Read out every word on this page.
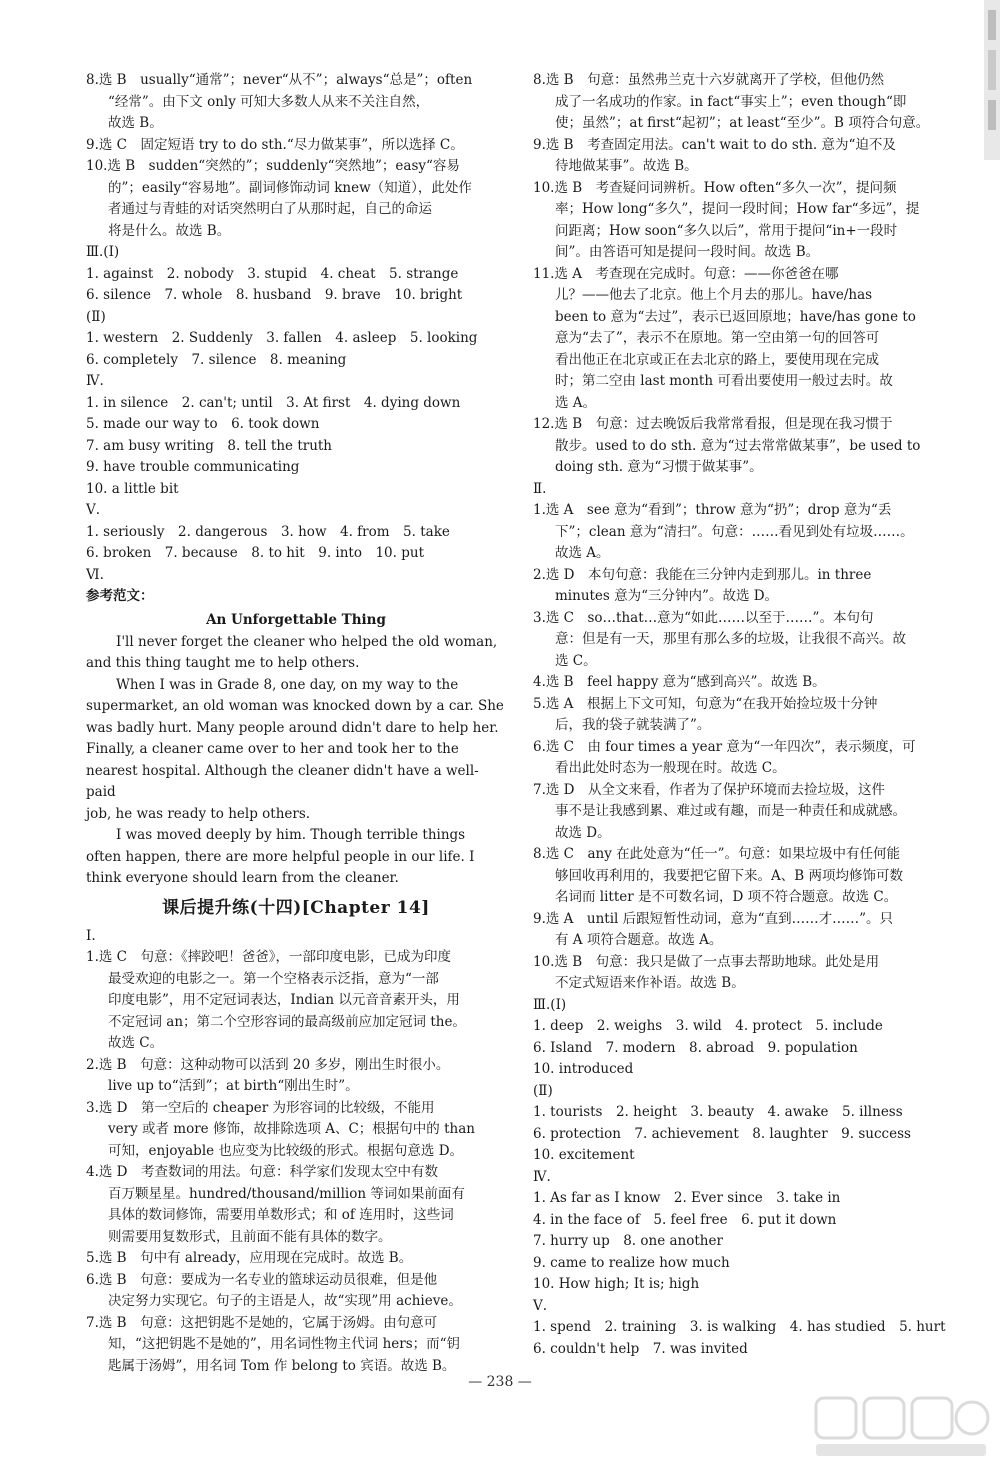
8.选 B　usually“通常”；never“从不”；always“总是”；often
“经常”。由下文 only 可知大多数人从来不关注自然，
故选 B。
9.选 C　固定短语 try to do sth.“尽力做某事”，所以选择 C。
10.选 B　sudden“突然的”；suddenly“突然地”；easy“容易
的”；easily“容易地”。副词修饰动词 knew（知道），此处作
者通过与青蛙的对话突然明白了从那时起，自己的命运
将是什么。故选 B。
Ⅲ.(Ⅰ)
1. against　2. nobody　3. stupid　4. cheat　5. strange
6. silence　7. whole　8. husband　9. brave　10. bright
(Ⅱ)
1. western　2. Suddenly　3. fallen　4. asleep　5. looking
6. completely　7. silence　8. meaning
Ⅳ.
1. in silence　2. can't; until　3. At first　4. dying down
5. made our way to　6. took down
7. am busy writing　8. tell the truth
9. have trouble communicating
10. a little bit
Ⅴ.
1. seriously　2. dangerous　3. how　4. from　5. take
6. broken　7. because　8. to hit　9. into　10. put
Ⅵ.
参考范文：
An Unforgettable Thing
I'll never forget the cleaner who helped the old woman,
and this thing taught me to help others.
When I was in Grade 8, one day, on my way to the
supermarket, an old woman was knocked down by a car. She
was badly hurt. Many people around didn't dare to help her.
Finally, a cleaner came over to her and took her to the
nearest hospital. Although the cleaner didn't have a well-paid
job, he was ready to help others.
I was moved deeply by him. Though terrible things
often happen, there are more helpful people in our life. I
think everyone should learn from the cleaner.
课后提升练(十四)[Chapter 14]
Ⅰ.
1.选 C　句意：《摔跤吧！爸爸》，一部印度电影，已成为印度
最受欢迎的电影之一。第一个空格表示泛指，意为“一部
印度电影”，用不定冠词表达，Indian 以元音音素开头，用
不定冠词 an；第二个空形容词的最高级前应加定冠词 the。
故选 C。
2.选 B　句意：这种动物可以活到 20 多岁，刚出生时很小。
live up to“活到”；at birth“刚出生时”。
3.选 D　第一空后的 cheaper 为形容词的比较级，不能用
very 或者 more 修饰，故排除选项 A、C；根据句中的 than
可知，enjoyable 也应变为比较级的形式。根据句意选 D。
4.选 D　考查数词的用法。句意：科学家们发现太空中有数
百万颗星星。hundred/thousand/million 等词如果前面有
具体的数词修饰，需要用单数形式；和 of 连用时，这些词
则需要用复数形式，且前面不能有具体的数字。
5.选 B　句中有 already，应用现在完成时。故选 B。
6.选 B　句意：要成为一名专业的篮球运动员很难，但是他
决定努力实现它。句子的主语是人，故“实现”用 achieve。
7.选 B　句意：这把钥匙不是她的，它属于汤姆。由句意可
知，“这把钥匙不是她的”，用名词性物主代词 hers；而“钥
匙属于汤姆”，用名词 Tom 作 belong to 宾语。故选 B。
8.选 B　句意：虽然弗兰克十六岁就离开了学校，但他仍然
成了一名成功的作家。in fact“事实上”；even though“即
使；虽然”；at first“起初”；at least“至少”。B 项符合句意。
9.选 B　考查固定用法。can't wait to do sth. 意为“迫不及
待地做某事”。故选 B。
10.选 B　考查疑问词辨析。How often“多久一次”，提问频
率；How long“多久”，提问一段时间；How far“多远”，提
问距离；How soon“多久以后”，常用于提问“in+一段时
间”。由答语可知是提问一段时间。故选 B。
11.选 A　考查现在完成时。句意：——你爸爸在哪
儿？——他去了北京。他上个月去的那儿。have/has
been to 意为“去过”，表示已返回原地；have/has gone to
意为“去了”，表示不在原地。第一空由第一句的回答可
看出他正在北京或正在去北京的路上，要使用现在完成
时；第二空由 last month 可看出要使用一般过去时。故
选 A。
12.选 B　句意：过去晚饭后我常常看报，但是现在我习惯于
散步。used to do sth. 意为“过去常常做某事”，be used to
doing sth. 意为“习惯于做某事”。
Ⅱ.
1.选 A　see 意为“看到”；throw 意为“扔”；drop 意为“丢
下”；clean 意为“清扫”。句意：……看见到处有垃圾……。
故选 A。
2.选 D　本句句意：我能在三分钟内走到那儿。in three
minutes 意为“三分钟内”。故选 D。
3.选 C　so…that…意为“如此……以至于……”。本句句
意：但是有一天，那里有那么多的垃圾，让我很不高兴。故
选 C。
4.选 B　feel happy 意为“感到高兴”。故选 B。
5.选 A　根据上下文可知，句意为“在我开始捡垃圾十分钟
后，我的袋子就装满了”。
6.选 C　由 four times a year 意为“一年四次”，表示频度，可
看出此处时态为一般现在时。故选 C。
7.选 D　从全文来看，作者为了保护环境而去捡垃圾，这件
事不是让我感到累、难过或有趣，而是一种责任和成就感。
故选 D。
8.选 C　any 在此处意为“任一”。句意：如果垃圾中有任何能
够回收再利用的，我要把它留下来。A、B 两项均修饰可数
名词而 litter 是不可数名词，D 项不符合题意。故选 C。
9.选 A　until 后跟短暂性动词，意为“直到……才……”。只
有 A 项符合题意。故选 A。
10.选 B　句意：我只是做了一点事去帮助地球。此处是用
不定式短语来作补语。故选 B。
Ⅲ.(Ⅰ)
1. deep　2. weighs　3. wild　4. protect　5. include
6. Island　7. modern　8. abroad　9. population
10. introduced
(Ⅱ)
1. tourists　2. height　3. beauty　4. awake　5. illness
6. protection　7. achievement　8. laughter　9. success
10. excitement
Ⅳ.
1. As far as I know　2. Ever since　3. take in
4. in the face of　5. feel free　6. put it down
7. hurry up　8. one another
9. came to realize how much
10. How high; It is; high
Ⅴ.
1. spend　2. training　3. is walking　4. has studied　5. hurt
6. couldn't help　7. was invited
— 238 —
